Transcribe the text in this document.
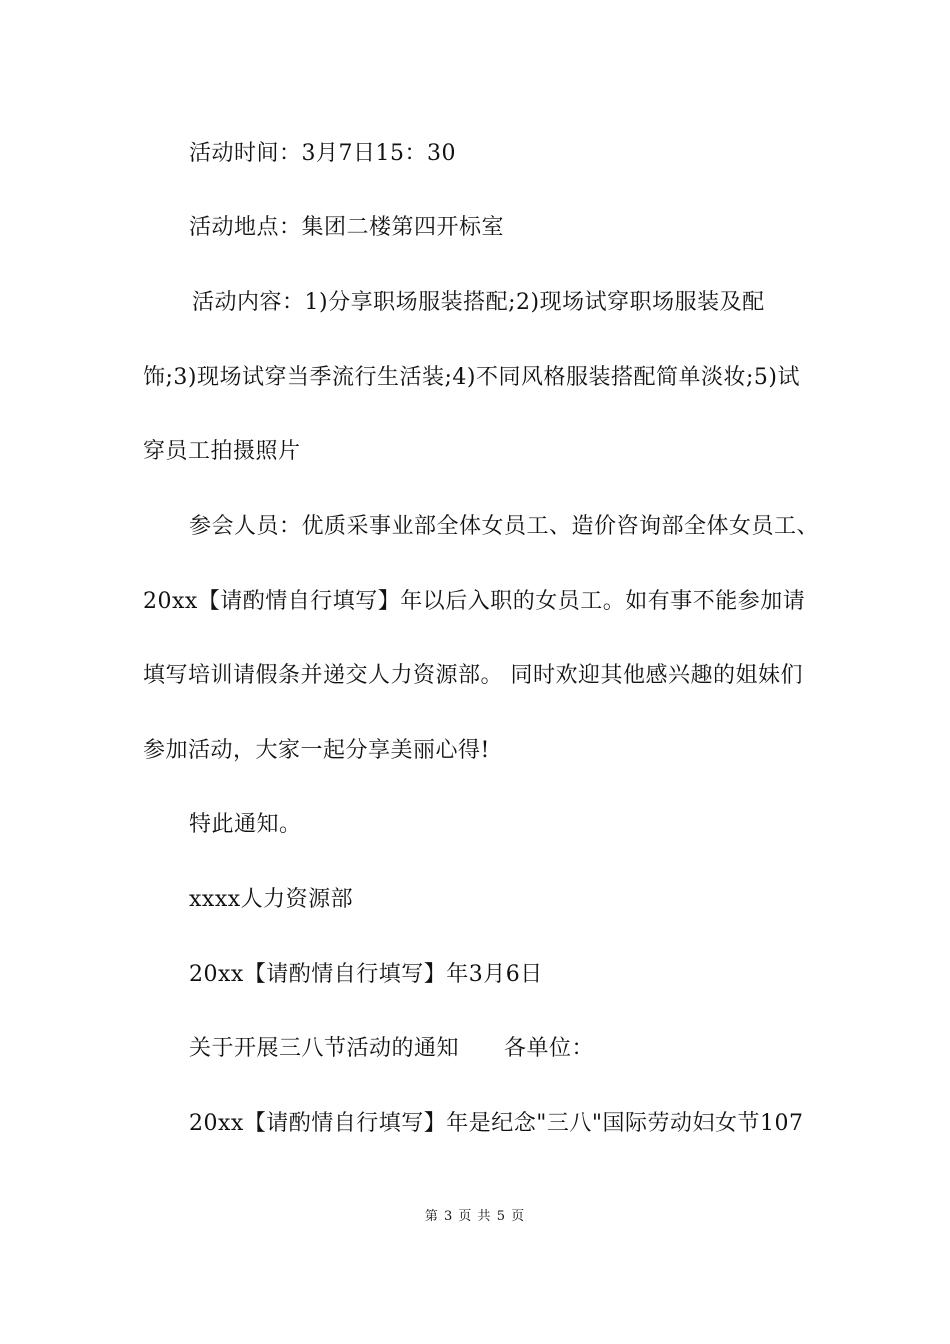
活动时间：3月7日15：30
活动地点：集团二楼第四开标室
活动内容：1)分享职场服装搭配;2)现场试穿职场服装及配
饰;3)现场试穿当季流行生活装;4)不同风格服装搭配简单淡妆;5)试
穿员工拍摄照片
参会人员：优质采事业部全体女员工、造价咨询部全体女员工、
20xx【请酌情自行填写】年以后入职的女员工。如有事不能参加请
填写培训请假条并递交人力资源部。 同时欢迎其他感兴趣的姐妹们
参加活动，大家一起分享美丽心得!
特此通知。
xxxx人力资源部
20xx【请酌情自行填写】年3月6日
关于开展三八节活动的通知　　各单位：
20xx【请酌情自行填写】年是纪念"三八"国际劳动妇女节107
第 3 页 共 5 页
